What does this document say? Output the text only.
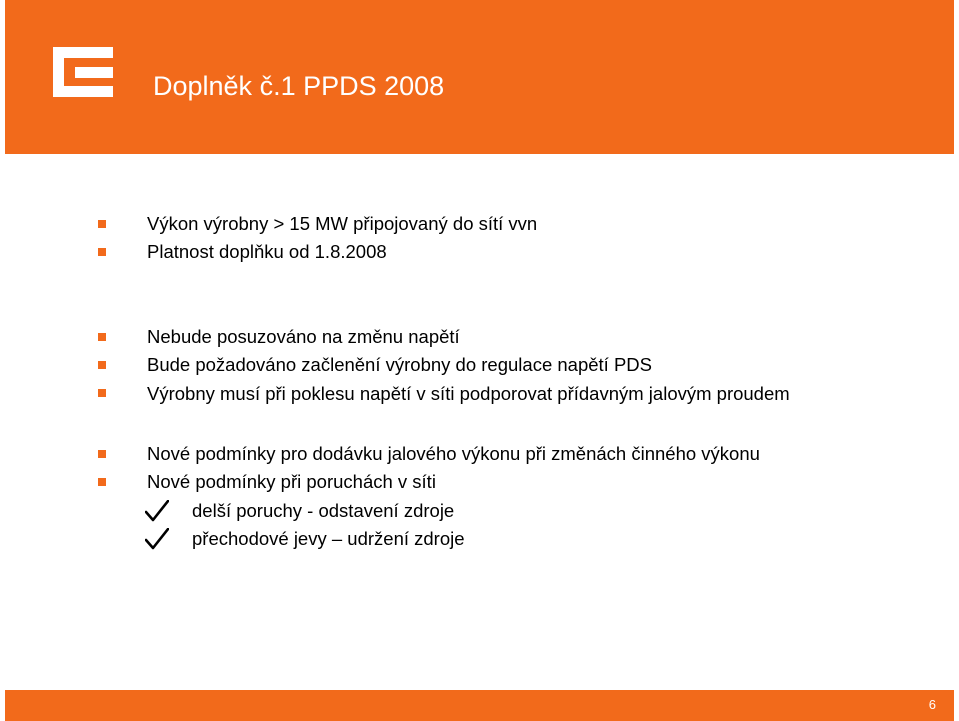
Doplněk č.1 PPDS 2008
Výkon výrobny > 15 MW připojovaný do sítí vvn
Platnost doplňku od 1.8.2008
Nebude posuzováno na změnu napětí
Bude požadováno začlenění výrobny do regulace napětí PDS
Výrobny musí při poklesu napětí v síti podporovat přídavným jalovým proudem
Nové podmínky pro dodávku jalového výkonu při změnách činného výkonu
Nové podmínky při poruchách v síti
delší poruchy - odstavení zdroje
přechodové jevy – udržení zdroje
6
